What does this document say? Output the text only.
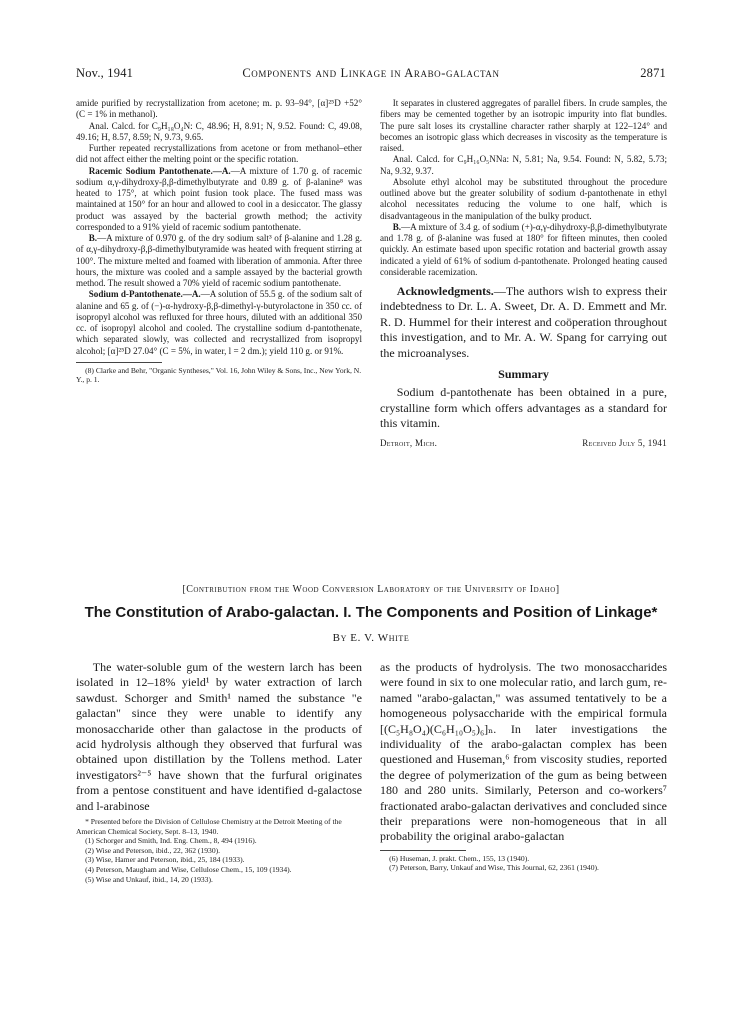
Nov., 1941	Components and Linkage in Arabo-galactan	2871

amide purified by recrystallization from acetone; m. p. 93–94°, [α]²⁵D +52° (C = 1% in methanol).

Anal. Calcd. for C₉H₁₈O₄N: C, 48.96; H, 8.91; N, 9.52. Found: C, 49.08, 49.16; H, 8.57, 8.59; N, 9.73, 9.65.

Further repeated recrystallizations from acetone or from methanol–ether did not affect either the melting point or the specific rotation.

Racemic Sodium Pantothenate.—A.—A mixture of 1.70 g. of racemic sodium α,γ-dihydroxy-β,β-dimethylbutyrate and 0.89 g. of β-alanine⁸ was heated to 175°, at which point fusion took place. The fused mass was maintained at 150° for an hour and allowed to cool in a desiccator. The glassy product was assayed by the bacterial growth method; the activity corresponded to a 91% yield of racemic sodium pantothenate.

B.—A mixture of 0.970 g. of the dry sodium salt³ of β-alanine and 1.28 g. of α,γ-dihydroxy-β,β-dimethylbutyramide was heated with frequent stirring at 100°. The mixture melted and foamed with liberation of ammonia. After three hours, the mixture was cooled and a sample assayed by the bacterial growth method. The result showed a 70% yield of racemic sodium pantothenate.

Sodium d-Pantothenate.—A.—A solution of 55.5 g. of the sodium salt of alanine and 65 g. of (−)-α-hydroxy-β,β-dimethyl-γ-butyrolactone in 350 cc. of isopropyl alcohol was refluxed for three hours, diluted with an additional 350 cc. of isopropyl alcohol and cooled. The crystalline sodium d-pantothenate, which separated slowly, was collected and recrystallized from isopropyl alcohol; [α]²⁵D 27.04° (C = 5%, in water, l = 2 dm.); yield 110 g. or 91%.

(8) Clarke and Behr, "Organic Syntheses," Vol. 16, John Wiley & Sons, Inc., New York, N. Y., p. 1.

It separates in clustered aggregates of parallel fibers. In crude samples, the fibers may be cemented together by an isotropic impurity into flat bundles. The pure salt loses its crystalline character rather sharply at 122–124° and becomes an isotropic glass which decreases in viscosity as the temperature is raised.

Anal. Calcd. for C₉H₁₆O₅NNa: N, 5.81; Na, 9.54. Found: N, 5.82, 5.73; Na, 9.32, 9.37.

Absolute ethyl alcohol may be substituted throughout the procedure outlined above but the greater solubility of sodium d-pantothenate in ethyl alcohol necessitates reducing the volume to one half, which is disadvantageous in the manipulation of the bulky product.

B.—A mixture of 3.4 g. of sodium (+)-α,γ-dihydroxy-β,β-dimethylbutyrate and 1.78 g. of β-alanine was fused at 180° for fifteen minutes, then cooled quickly. An estimate based upon specific rotation and bacterial growth assay indicated a yield of 61% of sodium d-pantothenate. Prolonged heating caused considerable racemization.

Acknowledgments.—The authors wish to express their indebtedness to Dr. L. A. Sweet, Dr. A. D. Emmett and Mr. R. D. Hummel for their interest and coöperation throughout this investigation, and to Mr. A. W. Spang for carrying out the microanalyses.

Summary

Sodium d-pantothenate has been obtained in a pure, crystalline form which offers advantages as a standard for this vitamin.

Detroit, Mich.	Received July 5, 1941
[Contribution from the Wood Conversion Laboratory of the University of Idaho]
The Constitution of Arabo-galactan. I. The Components and Position of Linkage*
By E. V. White

The water-soluble gum of the western larch has been isolated in 12–18% yield¹ by water extraction of larch sawdust. Schorger and Smith¹ named the substance "e galactan" since they were unable to identify any monosaccharide other than galactose in the products of acid hydrolysis although they observed that furfural was obtained upon distillation by the Tollens method. Later investigators²⁻⁵ have shown that the furfural originates from a pentose constituent and have identified d-galactose and l-arabinose

* Presented before the Division of Cellulose Chemistry at the Detroit Meeting of the American Chemical Society, Sept. 8–13, 1940.

(1) Schorger and Smith, Ind. Eng. Chem., 8, 494 (1916).

(2) Wise and Peterson, ibid., 22, 362 (1930).

(3) Wise, Hamer and Peterson, ibid., 25, 184 (1933).

(4) Peterson, Maugham and Wise, Cellulose Chem., 15, 109 (1934).

(5) Wise and Unkauf, ibid., 14, 20 (1933).

as the products of hydrolysis. The two monosaccharides were found in six to one molecular ratio, and larch gum, re-named "arabo-galactan," was assumed tentatively to be a homogeneous polysaccharide with the empirical formula [(C₅H₈O₄)(C₆H₁₀O₅)₆]ₙ. In later investigations the individuality of the arabo-galactan complex has been questioned and Huseman,⁶ from viscosity studies, reported the degree of polymerization of the gum as being between 180 and 280 units. Similarly, Peterson and co-workers⁷ fractionated arabo-galactan derivatives and concluded since their preparations were non-homogeneous that in all probability the original arabo-galactan

(6) Huseman, J. prakt. Chem., 155, 13 (1940).

(7) Peterson, Barry, Unkauf and Wise, This Journal, 62, 2361 (1940).
